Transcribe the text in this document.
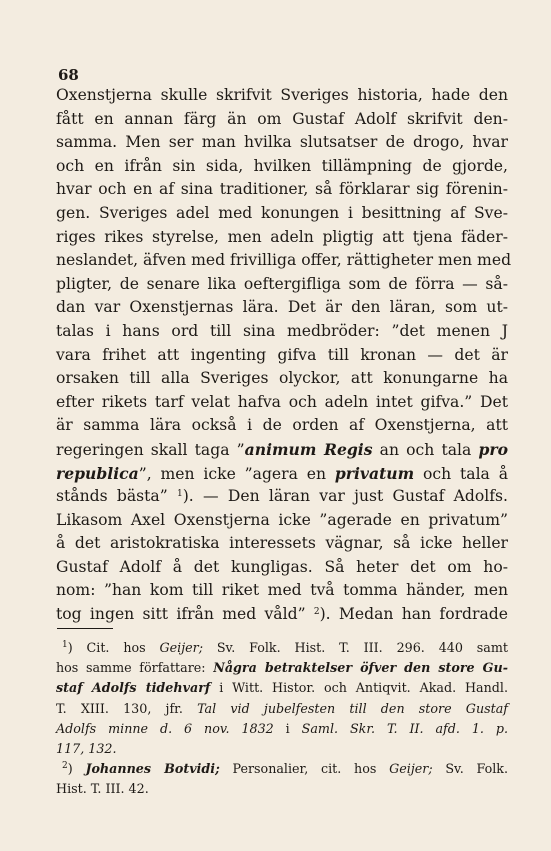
68
Oxenstjerna skulle skrifvit Sveriges historia, hade den
fått en annan färg än om Gustaf Adolf skrifvit den-
samma. Men ser man hvilka slutsatser de drogo, hvar
och en ifrån sin sida, hvilken tillämpning de gjorde,
hvar och en af sina traditioner, så förklarar sig förenin-
gen. Sveriges adel med konungen i besittning af Sve-
riges rikes styrelse, men adeln pligtig att tjena fäder-
neslandet, äfven med frivilliga offer, rättigheter men med
pligter, de senare lika oeftergifliga som de förra — så-
dan var Oxenstjernas lära. Det är den läran, som ut-
talas i hans ord till sina medbröder: ”det menen J
vara frihet att ingenting gifva till kronan — det är
orsaken till alla Sveriges olyckor, att konungarne ha
efter rikets tarf velat hafva och adeln intet gifva.” Det
är samma lära också i de orden af Oxenstjerna, att
regeringen skall taga ”animum Regis an och tala pro
republica”, men icke ”agera en privatum och tala å
stånds bästa” $^1$). — Den läran var just Gustaf Adolfs.
Likasom Axel Oxenstjerna icke ”agerade en privatum”
å det aristokratiska interessets vägnar, så icke heller
Gustaf Adolf å det kungligas. Så heter det om ho-
nom: ”han kom till riket med två tomma händer, men
tog ingen sitt ifrån med våld” $^2$). Medan han fordrade
$^1$) Cit. hos Geijer; Sv. Folk. Hist. T. III. 296. 440 samt
hos samme författare: Några betraktelser öfver den store Gu-
staf Adolfs tidehvarf i Witt. Histor. och Antiqvit. Akad. Handl.
T. XIII. 130, jfr. Tal vid jubelfesten till den store Gustaf
Adolfs minne d. 6 nov. 1832 i Saml. Skr. T. II. afd. 1. p.
117, 132.
$^2$) Johannes Botvidi; Personalier, cit. hos Geijer; Sv. Folk.
Hist. T. III. 42.
